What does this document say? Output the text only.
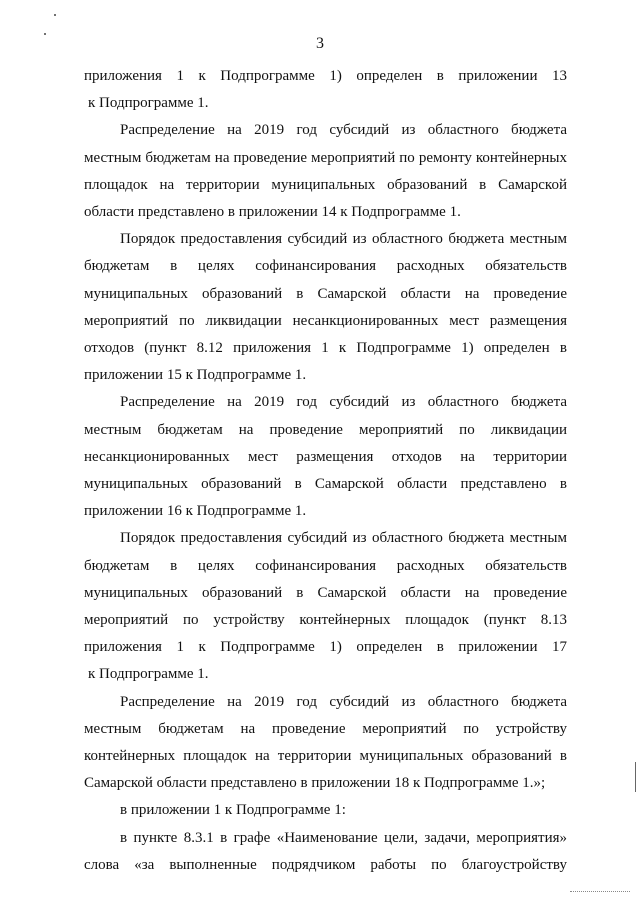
3
приложения 1 к Подпрограмме 1) определен в приложении 13
к Подпрограмме 1.
Распределение на 2019 год субсидий из областного бюджета
местным бюджетам на проведение мероприятий по ремонту контейнерных
площадок на территории муниципальных образований в Самарской
области представлено в приложении 14 к Подпрограмме 1.
Порядок предоставления субсидий из областного бюджета местным
бюджетам в целях софинансирования расходных обязательств
муниципальных образований в Самарской области на проведение
мероприятий по ликвидации несанкционированных мест размещения
отходов (пункт 8.12 приложения 1 к Подпрограмме 1) определен в
приложении 15 к Подпрограмме 1.
Распределение на 2019 год субсидий из областного бюджета
местным бюджетам на проведение мероприятий по ликвидации
несанкционированных мест размещения отходов на территории
муниципальных образований в Самарской области представлено в
приложении 16 к Подпрограмме 1.
Порядок предоставления субсидий из областного бюджета местным
бюджетам в целях софинансирования расходных обязательств
муниципальных образований в Самарской области на проведение
мероприятий по устройству контейнерных площадок (пункт 8.13
приложения 1 к Подпрограмме 1) определен в приложении 17
к Подпрограмме 1.
Распределение на 2019 год субсидий из областного бюджета
местным бюджетам на проведение мероприятий по устройству
контейнерных площадок на территории муниципальных образований в
Самарской области представлено в приложении 18 к Подпрограмме 1.»;
в приложении 1 к Подпрограмме 1:
в пункте 8.3.1 в графе «Наименование цели, задачи, мероприятия»
слова «за выполненные подрядчиком работы по благоустройству
